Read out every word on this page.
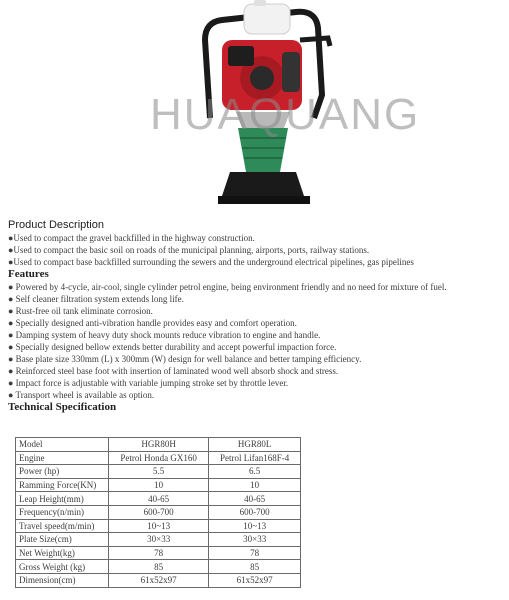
HUAQUANG
Product Description
●Used to compact the gravel backfilled in the highway construction.
●Used to compact the basic soil on roads of the municipal planning, airports, ports, railway stations.
●Used to compact base backfilled surrounding the sewers and the underground electrical pipelines, gas pipelines
Features
● Powered by 4-cycle, air-cool, single cylinder petrol engine, being environment friendly and no need for mixture of fuel.
● Self cleaner filtration system extends long life.
● Rust-free oil tank eliminate corrosion.
● Specially designed anti-vibration handle provides easy and comfort operation.
● Damping system of heavy duty shock mounts reduce vibration to engine and handle.
● Specially designed bellow extends better durability and accept powerful impaction force.
● Base plate size 330mm (L) x 300mm (W) design for well balance and better tamping efficiency.
● Reinforced steel base foot with insertion of laminated wood well absorb shock and stress.
● Impact force is adjustable with variable jumping stroke set by throttle lever.
● Transport wheel is available as option.
Technical Specification
Model	HGR80H	HGR80L
Engine	Petrol Honda GX160	Petrol Lifan168F-4
Power (hp)	5.5	6.5
Ramming Force(KN)	10	10
Leap Height(mm)	40-65	40-65
Frequency(n/min)	600-700	600-700
Travel speed(m/min)	10~13	10~13
Plate Size(cm)	30×33	30×33
Net Weight(kg)	78	78
Gross Weight (kg)	85	85
Dimension(cm)	61x52x97	61x52x97
